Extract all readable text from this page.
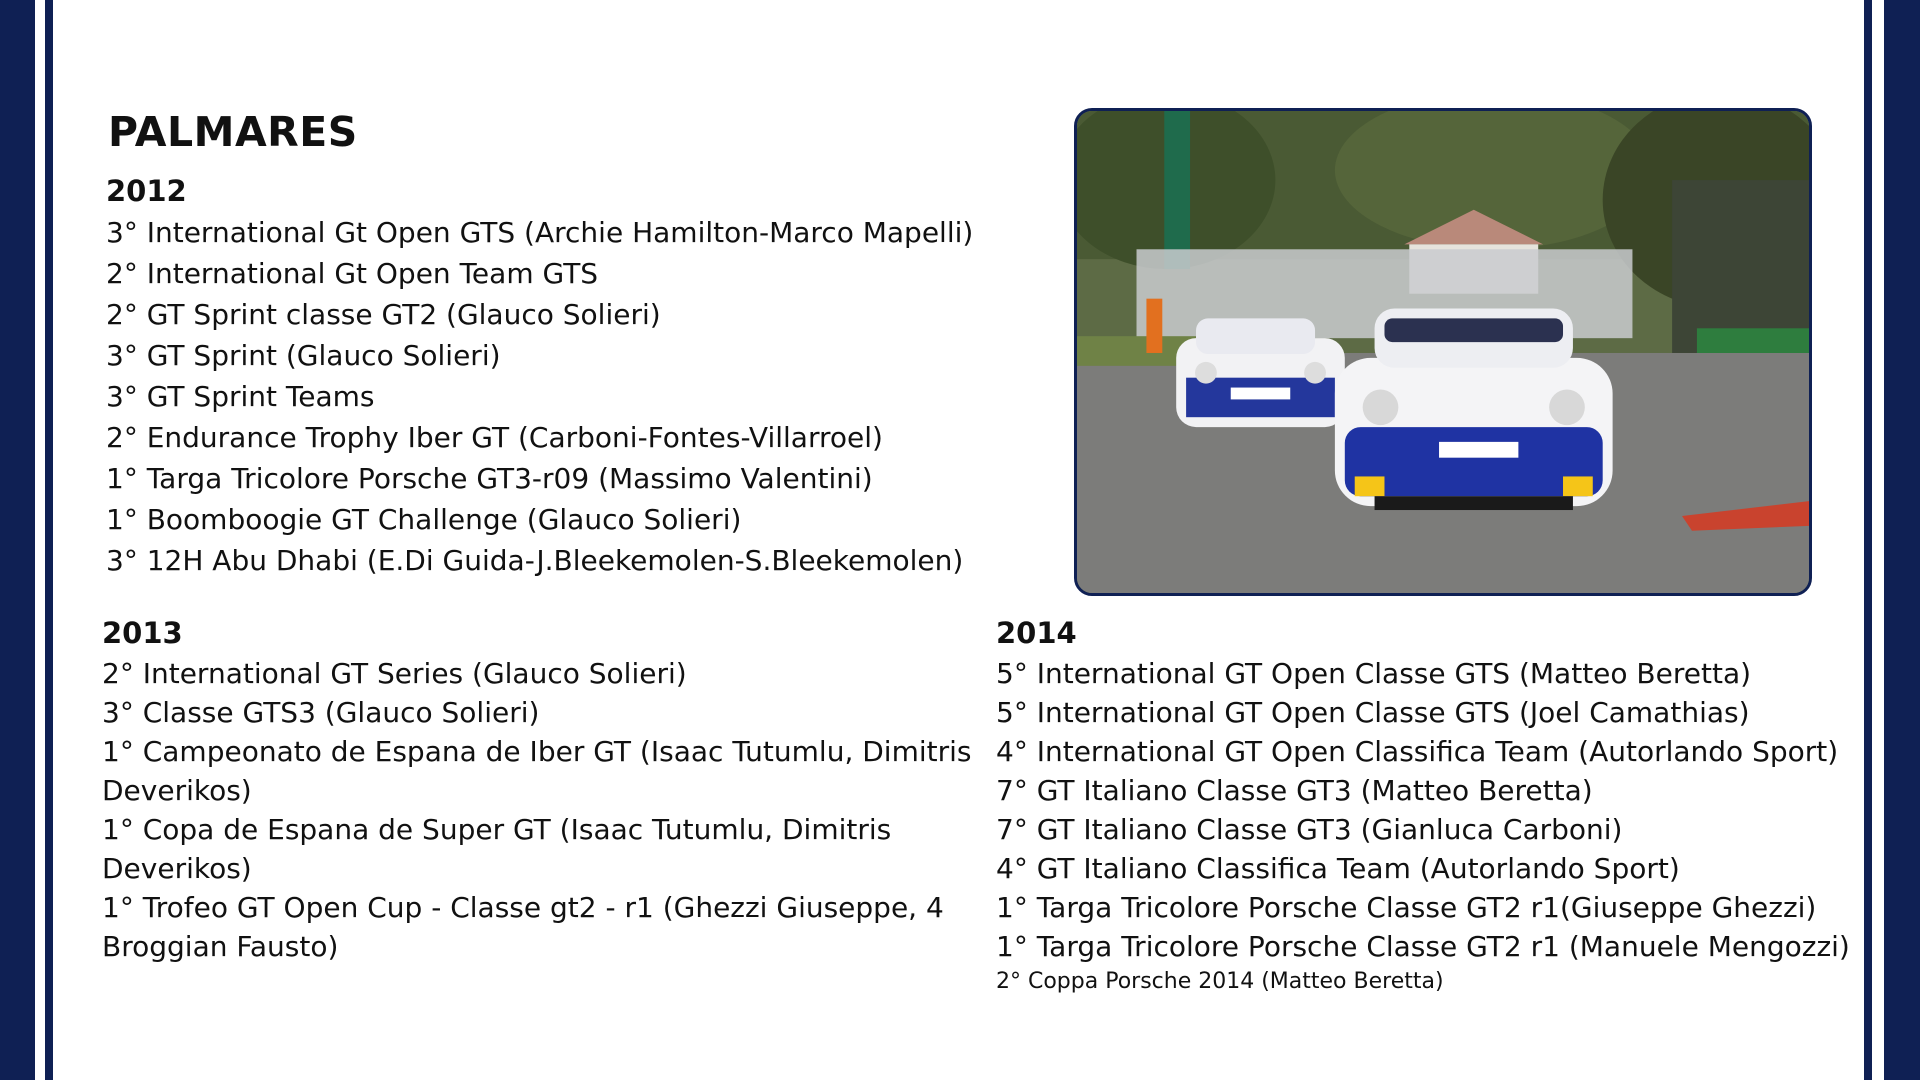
PALMARES

2012

3° International Gt Open GTS (Archie Hamilton-Marco Mapelli)
2° International Gt Open Team GTS
2° GT Sprint classe GT2 (Glauco Solieri)
3° GT Sprint (Glauco Solieri)
3° GT Sprint Teams
2° Endurance Trophy Iber GT (Carboni-Fontes-Villarroel)
1° Targa Tricolore Porsche GT3-r09 (Massimo Valentini)
1° Boomboogie GT Challenge (Glauco Solieri)
3° 12H Abu Dhabi (E.Di Guida-J.Bleekemolen-S.Bleekemolen)

2013

2° International GT Series (Glauco Solieri)
3° Classe GTS3 (Glauco Solieri)
1° Campeonato de Espana de Iber GT (Isaac Tutumlu, Dimitris Deverikos)
1° Copa de Espana de Super GT (Isaac Tutumlu, Dimitris Deverikos)
1° Trofeo GT Open Cup - Classe gt2 - r1 (Ghezzi Giuseppe, 4 Broggian Fausto)

2014

5° International GT Open Classe GTS (Matteo Beretta)
5° International GT Open Classe GTS (Joel Camathias)
4° International GT Open Classifica Team (Autorlando Sport)
7° GT Italiano Classe GT3 (Matteo Beretta)
7° GT Italiano Classe GT3 (Gianluca Carboni)
4° GT Italiano Classifica Team (Autorlando Sport)
1° Targa Tricolore Porsche Classe GT2 r1(Giuseppe Ghezzi)
1° Targa Tricolore Porsche Classe GT2 r1 (Manuele Mengozzi)
2° Coppa Porsche 2014 (Matteo Beretta)
